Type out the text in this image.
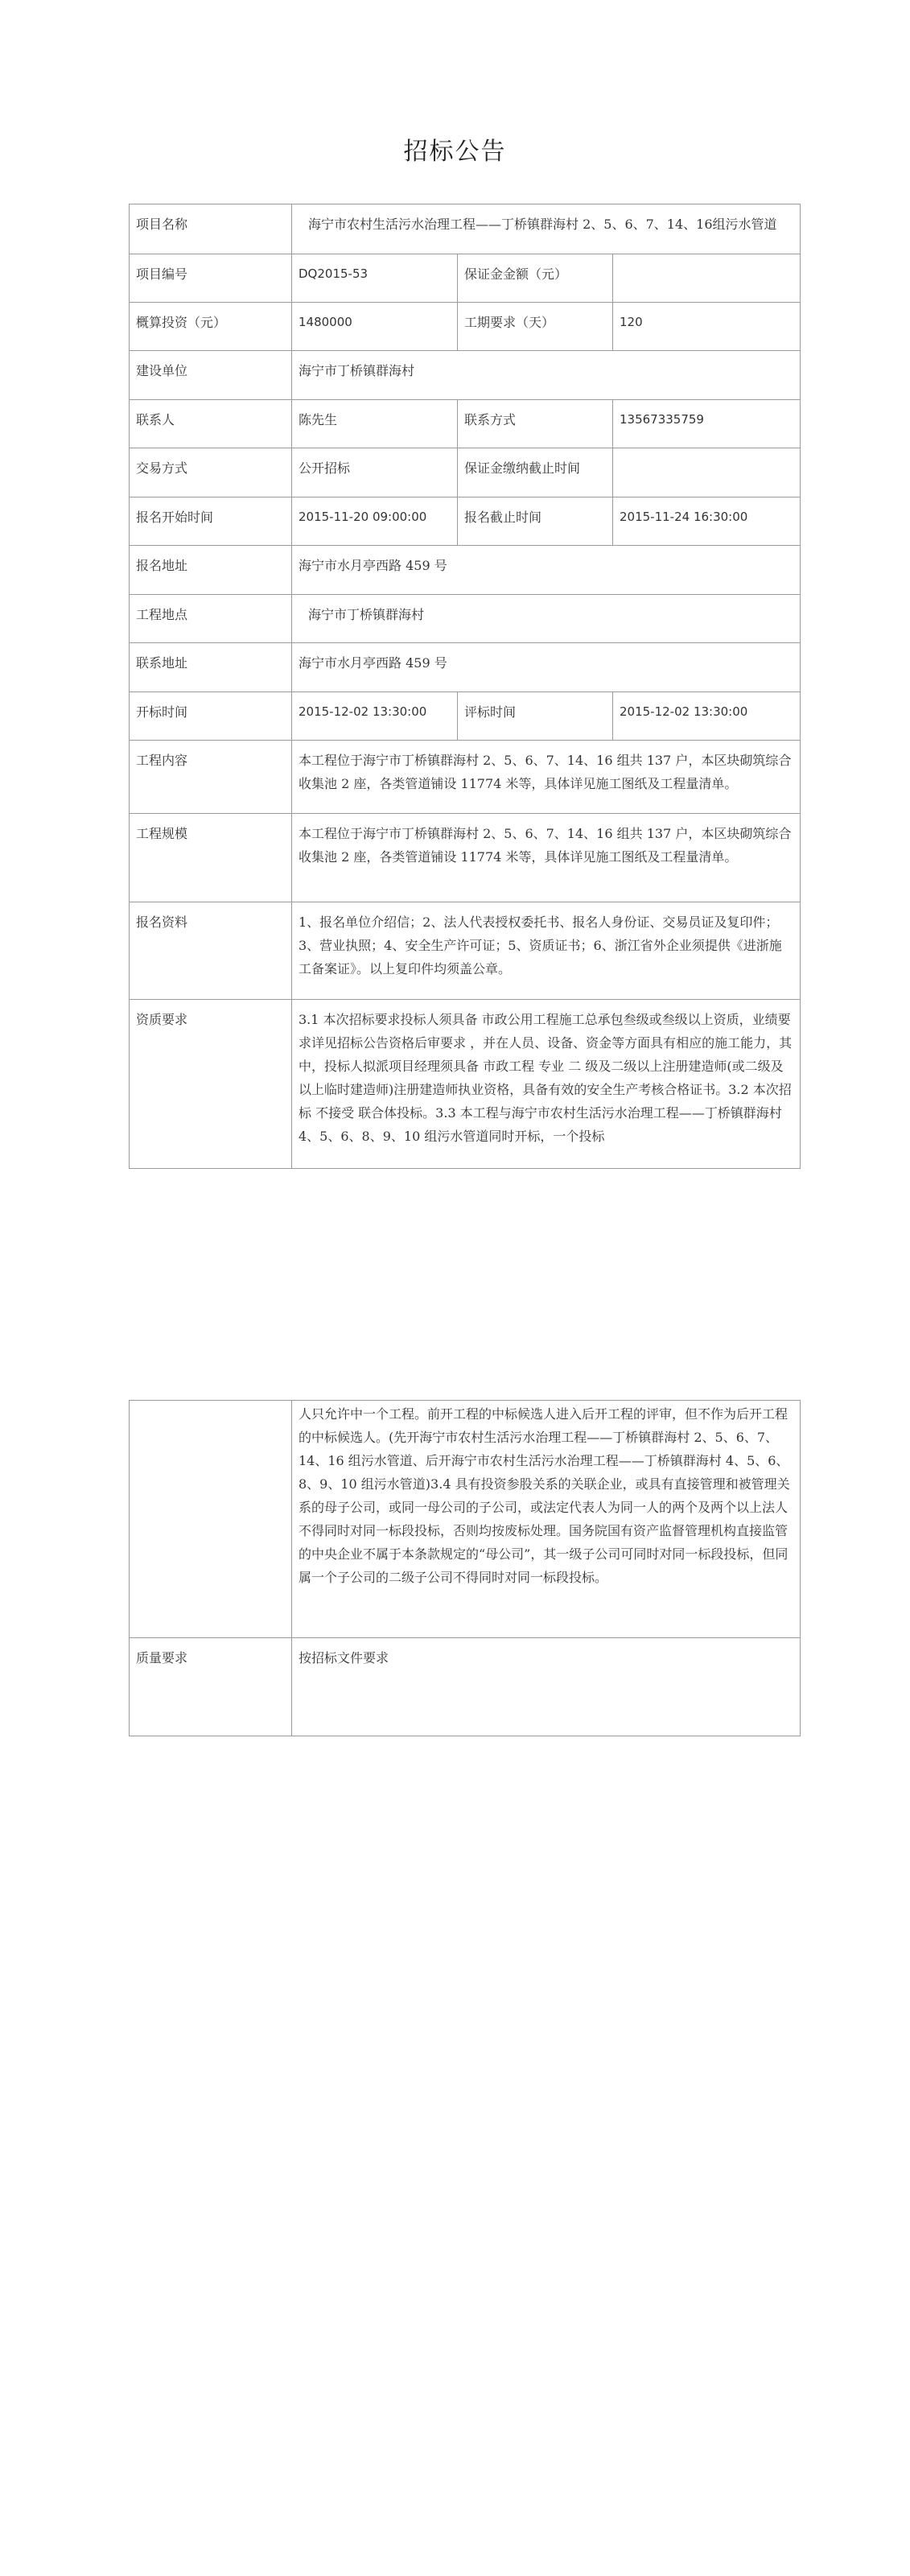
招标公告
项目名称	海宁市农村生活污水治理工程——丁桥镇群海村 2、5、6、7、14、16组污水管道		
项目编号	DQ2015-53	保证金金额（元）	
概算投资（元）	1480000	工期要求（天）	120
建设单位	海宁市丁桥镇群海村		
联系人	陈先生	联系方式	13567335759
交易方式	公开招标	保证金缴纳截止时间	
报名开始时间	2015-11-20 09:00:00	报名截止时间	2015-11-24 16:30:00
报名地址	海宁市水月亭西路 459 号		
工程地点	海宁市丁桥镇群海村		
联系地址	海宁市水月亭西路 459 号		
开标时间	2015-12-02 13:30:00	评标时间	2015-12-02 13:30:00
工程内容	本工程位于海宁市丁桥镇群海村 2、5、6、7、14、16 组共 137 户，本区块砌筑综合收集池 2 座，各类管道铺设 11774 米等，具体详见施工图纸及工程量清单。		
工程规模	本工程位于海宁市丁桥镇群海村 2、5、6、7、14、16 组共 137 户，本区块砌筑综合收集池 2 座，各类管道铺设 11774 米等，具体详见施工图纸及工程量清单。		
报名资料	1、报名单位介绍信；2、法人代表授权委托书、报名人身份证、交易员证及复印件；3、营业执照；4、安全生产许可证；5、资质证书；6、浙江省外企业须提供《进浙施工备案证》。以上复印件均须盖公章。		
资质要求	3.1 本次招标要求投标人须具备 市政公用工程施工总承包叁级或叁级以上资质，业绩要求详见招标公告资格后审要求 ，并在人员、设备、资金等方面具有相应的施工能力，其中，投标人拟派项目经理须具备 市政工程 专业 二 级及二级以上注册建造师(或二级及以上临时建造师)注册建造师执业资格，具备有效的安全生产考核合格证书。3.2 本次招标 不接受 联合体投标。3.3 本工程与海宁市农村生活污水治理工程——丁桥镇群海村 4、5、6、8、9、10 组污水管道同时开标，一个投标		
	人只允许中一个工程。前开工程的中标候选人进入后开工程的评审，但不作为后开工程的中标候选人。(先开海宁市农村生活污水治理工程——丁桥镇群海村 2、5、6、7、14、16 组污水管道、后开海宁市农村生活污水治理工程——丁桥镇群海村 4、5、6、8、9、10 组污水管道)3.4 具有投资参股关系的关联企业，或具有直接管理和被管理关系的母子公司，或同一母公司的子公司，或法定代表人为同一人的两个及两个以上法人不得同时对同一标段投标，否则均按废标处理。国务院国有资产监督管理机构直接监管的中央企业不属于本条款规定的“母公司”，其一级子公司可同时对同一标段投标，但同属一个子公司的二级子公司不得同时对同一标段投标。
质量要求	按招标文件要求
